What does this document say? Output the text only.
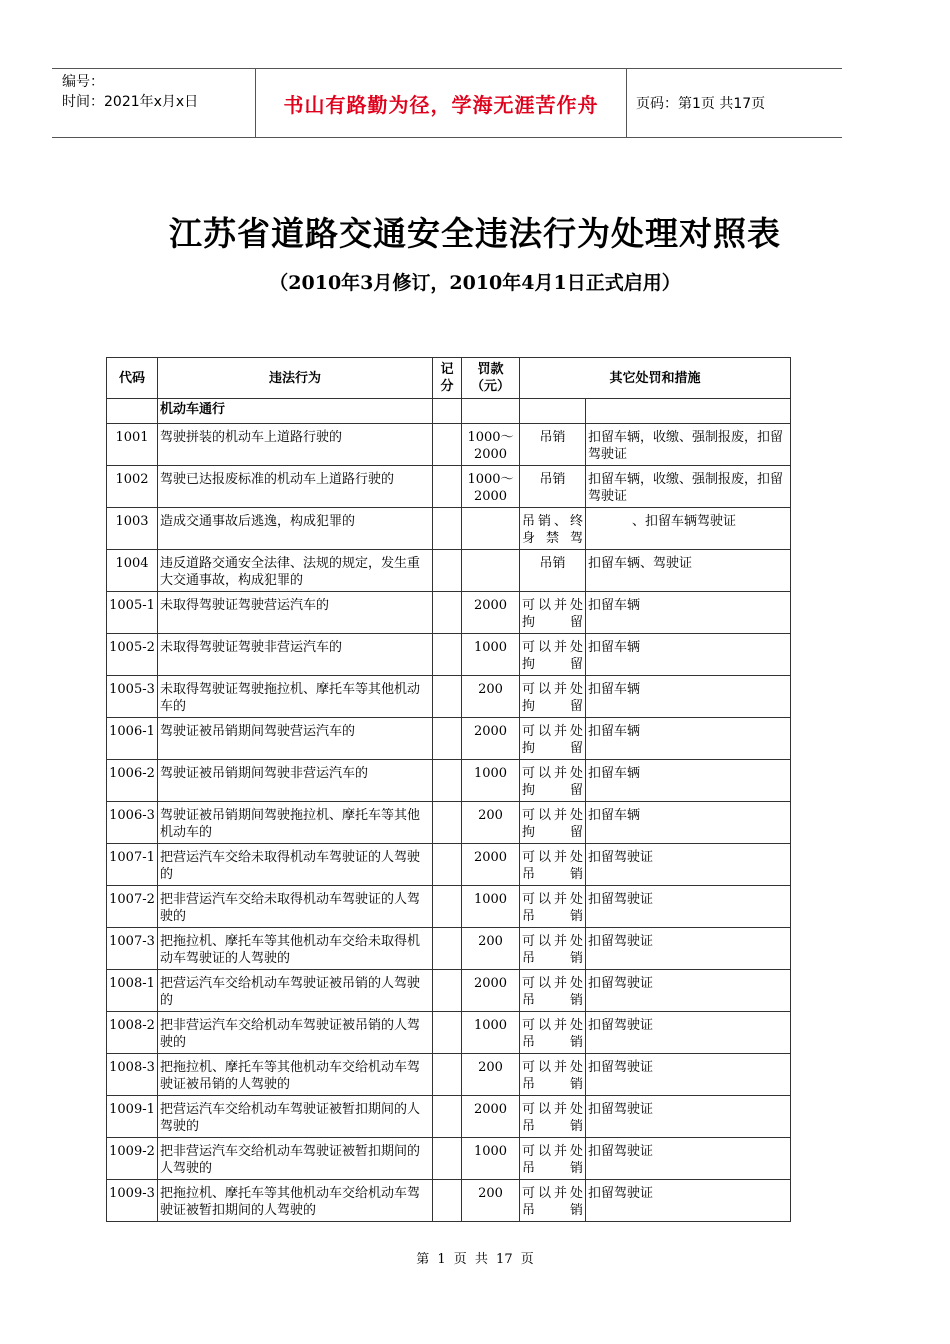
编号：
时间：2021年x月x日	书山有路勤为径，学海无涯苦作舟	页码：第1页 共17页
江苏省道路交通安全违法行为处理对照表
（2010年3月修订，2010年4月1日正式启用）
代码	违法行为	记分	罚款（元）	其它处罚和措施	
	机动车通行				
1001	驾驶拼装的机动车上道路行驶的		1000～2000	吊销	扣留车辆，收缴、强制报废，扣留驾驶证
1002	驾驶已达报废标准的机动车上道路行驶的		1000～2000	吊销	扣留车辆，收缴、强制报废，扣留驾驶证
1003	造成交通事故后逃逸，构成犯罪的			吊销、终身禁驾	、扣留车辆驾驶证
1004	违反道路交通安全法律、法规的规定，发生重大交通事故，构成犯罪的			吊销	扣留车辆、驾驶证
1005-1	未取得驾驶证驾驶营运汽车的		2000	可以并处拘留	扣留车辆
1005-2	未取得驾驶证驾驶非营运汽车的		1000	可以并处拘留	扣留车辆
1005-3	未取得驾驶证驾驶拖拉机、摩托车等其他机动车的		200	可以并处拘留	扣留车辆
1006-1	驾驶证被吊销期间驾驶营运汽车的		2000	可以并处拘留	扣留车辆
1006-2	驾驶证被吊销期间驾驶非营运汽车的		1000	可以并处拘留	扣留车辆
1006-3	驾驶证被吊销期间驾驶拖拉机、摩托车等其他机动车的		200	可以并处拘留	扣留车辆
1007-1	把营运汽车交给未取得机动车驾驶证的人驾驶的		2000	可以并处吊销	扣留驾驶证
1007-2	把非营运汽车交给未取得机动车驾驶证的人驾驶的		1000	可以并处吊销	扣留驾驶证
1007-3	把拖拉机、摩托车等其他机动车交给未取得机动车驾驶证的人驾驶的		200	可以并处吊销	扣留驾驶证
1008-1	把营运汽车交给机动车驾驶证被吊销的人驾驶的		2000	可以并处吊销	扣留驾驶证
1008-2	把非营运汽车交给机动车驾驶证被吊销的人驾驶的		1000	可以并处吊销	扣留驾驶证
1008-3	把拖拉机、摩托车等其他机动车交给机动车驾驶证被吊销的人驾驶的		200	可以并处吊销	扣留驾驶证
1009-1	把营运汽车交给机动车驾驶证被暂扣期间的人驾驶的		2000	可以并处吊销	扣留驾驶证
1009-2	把非营运汽车交给机动车驾驶证被暂扣期间的人驾驶的		1000	可以并处吊销	扣留驾驶证
1009-3	把拖拉机、摩托车等其他机动车交给机动车驾驶证被暂扣期间的人驾驶的		200	可以并处吊销	扣留驾驶证
第 1 页 共 17 页
